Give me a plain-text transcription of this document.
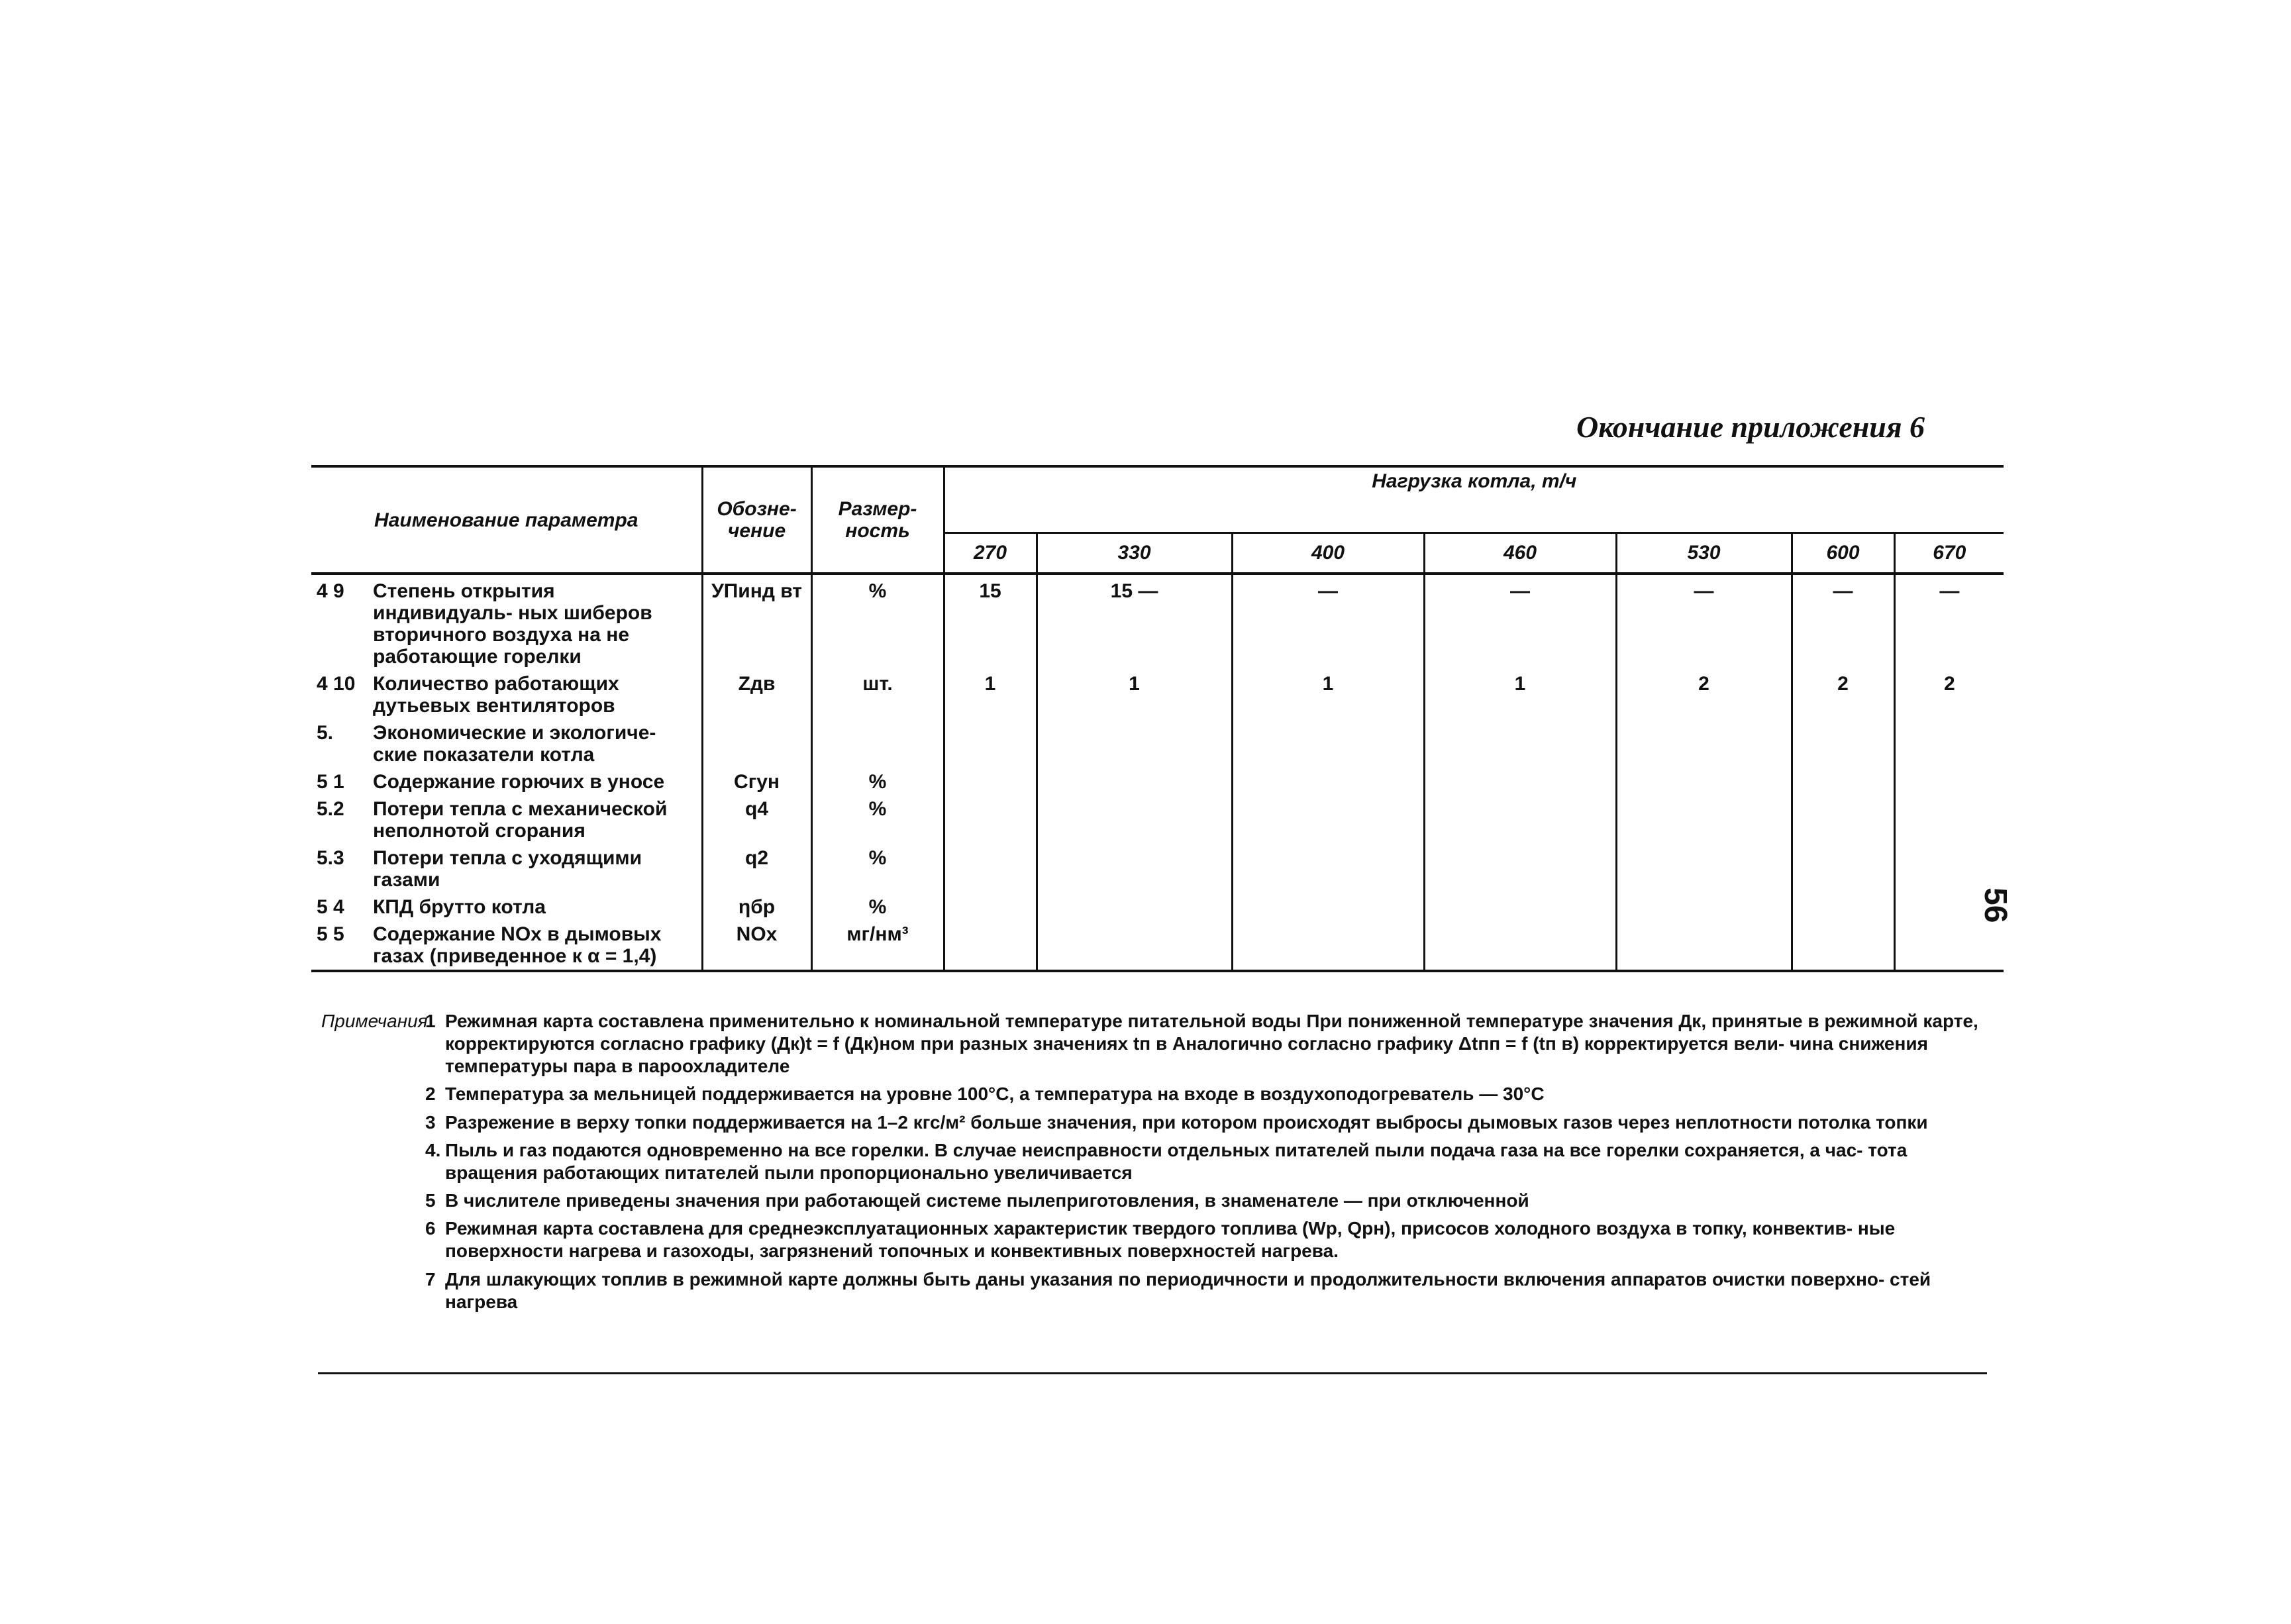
Окончание приложения 6
56
Наименование параметра		Обозне- чение	Размер- ность	Нагрузка котла, т/ч						
				270	330	400	460	530	600	670
4 9	Степень открытия индивидуаль- ных шиберов вторичного воздуха на не работающие горелки	УПинд вт	%	15	15 —	—	—	—	—	—
4 10	Количество работающих дутьевых вентиляторов	Zдв	шт.	1	1	1	1	2	2	2
5.	Экономические и экологиче- ские показатели котла									
5 1	Содержание горючих в уносе	Cгун	%							
5.2	Потери тепла с механической неполнотой сгорания	q4	%							
5.3	Потери тепла с уходящими газами	q2	%							
5 4	КПД брутто котла	ηбр	%							
5 5	Содержание NOx в дымовых газах (приведенное к α = 1,4)	NOx	мг/нм³							
Примечания
1 Режимная карта составлена применительно к номинальной температуре питательной воды При пониженной температуре значения Дк, принятые в режимной карте, корректируются согласно графику (Дк)t = f (Дк)ном при разных значениях tп в Аналогично согласно графику Δtпп = f (tп в) корректируется вели- чина снижения температуры пара в пароохладителе
2 Температура за мельницей поддерживается на уровне 100°С, а температура на входе в воздухоподогреватель — 30°С
3 Разрежение в верху топки поддерживается на 1–2 кгс/м² больше значения, при котором происходят выбросы дымовых газов через неплотности потолка топки
4. Пыль и газ подаются одновременно на все горелки. В случае неисправности отдельных питателей пыли подача газа на все горелки сохраняется, а час- тота вращения работающих питателей пыли пропорционально увеличивается
5 В числителе приведены значения при работающей системе пылеприготовления, в знаменателе — при отключенной
6 Режимная карта составлена для среднеэксплуатационных характеристик твердого топлива (Wр, Qрн), присосов холодного воздуха в топку, конвектив- ные поверхности нагрева и газоходы, загрязнений топочных и конвективных поверхностей нагрева.
7 Для шлакующих топлив в режимной карте должны быть даны указания по периодичности и продолжительности включения аппаратов очистки поверхно- стей нагрева
